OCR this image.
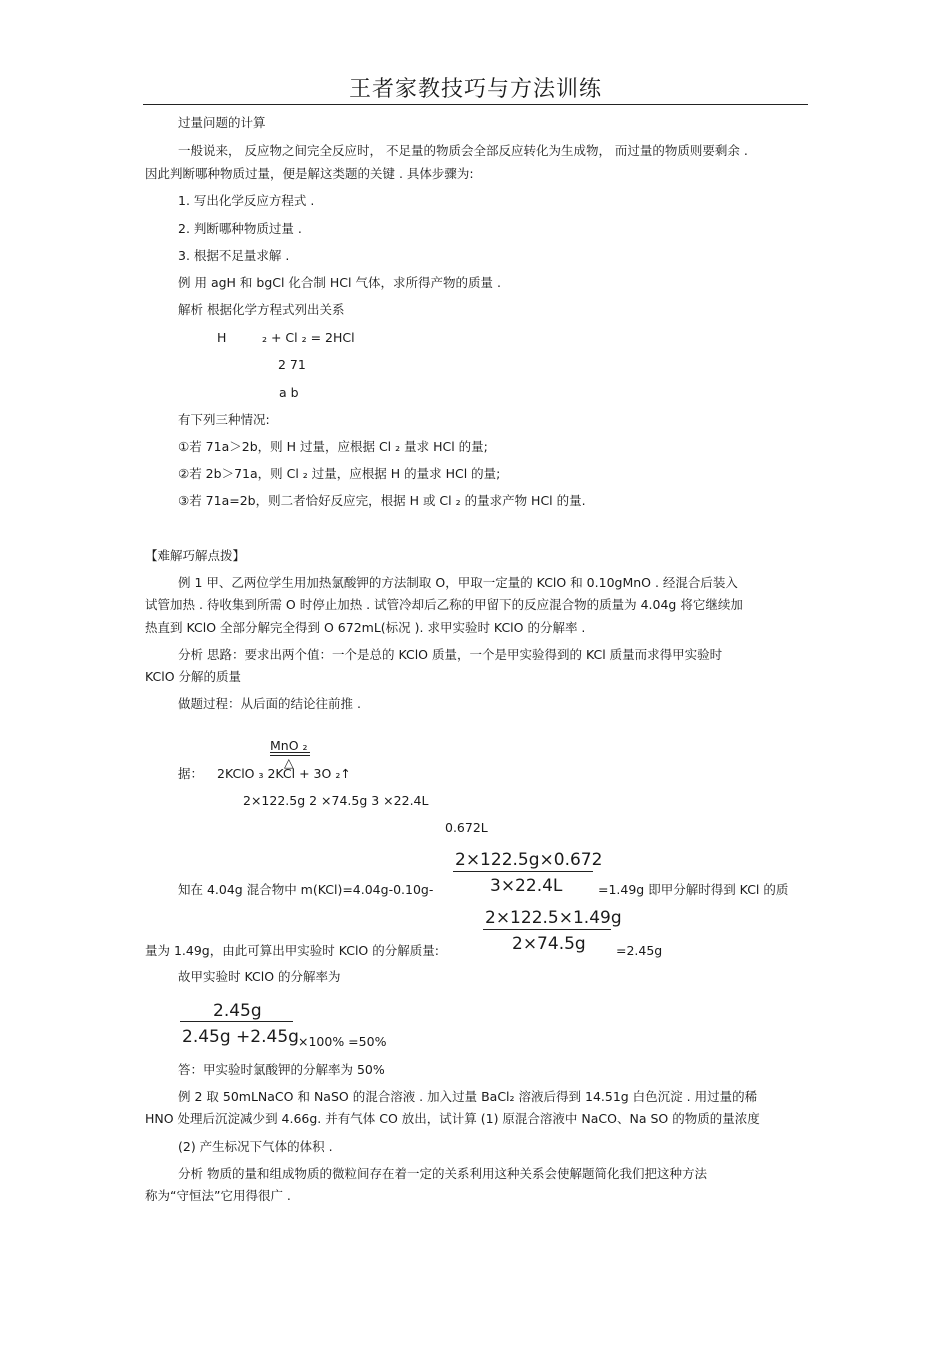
王者家教技巧与方法训练
过量问题的计算
一般说来， 反应物之间完全反应时， 不足量的物质会全部反应转化为生成物， 而过量的物质则要剩余 .
因此判断哪种物质过量，便是解这类题的关键 . 具体步骤为:
1. 写出化学反应方程式 .
2. 判断哪种物质过量 .
3. 根据不足量求解 .
例 用 agH 和 bgCl 化合制 HCl 气体，求所得产物的质量 .
解析 根据化学方程式列出关系
H	₂ + Cl ₂ = 2HCl
2 71
a b
有下列三种情况:
①若 71a＞2b，则 H 过量，应根据 Cl ₂ 量求 HCl 的量;
②若 2b＞71a，则 Cl ₂ 过量，应根据 H 的量求 HCl 的量;
③若 71a=2b，则二者恰好反应完，根据 H 或 Cl ₂ 的量求产物 HCl 的量.
【难解巧解点拨】
例 1 甲、乙两位学生用加热氯酸钾的方法制取 O，甲取一定量的 KClO 和 0.10gMnO . 经混合后装入
试管加热 . 待收集到所需 O 时停止加热 . 试管冷却后乙称的甲留下的反应混合物的质量为 4.04g 将它继续加
热直到 KClO 全部分解完全得到 O 672mL(标况 ). 求甲实验时 KClO 的分解率 .
分析 思路：要求出两个值：一个是总的 KClO 质量，一个是甲实验得到的 KCl 质量而求得甲实验时
KClO 分解的质量
做题过程：从后面的结论往前推 .
MnO ₂
△
据： 2KClO ₃ 2KCl + 3O ₂↑
2×122.5g 2 ×74.5g 3 ×22.4L
0.672L
2×122.5g×0.672
3×22.4L
知在 4.04g 混合物中 m(KCl)=4.04g-0.10g-	=1.49g 即甲分解时得到 KCl 的质
2×122.5×1.49g
2×74.5g
量为 1.49g，由此可算出甲实验时 KClO 的分解质量:	=2.45g
故甲实验时 KClO 的分解率为
2.45g
2.45g +2.45g ×100% =50%
答：甲实验时氯酸钾的分解率为 50%
例 2 取 50mLNaCO 和 NaSO 的混合溶液 . 加入过量 BaCl₂ 溶液后得到 14.51g 白色沉淀 . 用过量的稀
HNO 处理后沉淀减少到 4.66g. 并有气体 CO 放出，试计算 (1) 原混合溶液中 NaCO、Na SO 的物质的量浓度
(2) 产生标况下气体的体积 .
分析 物质的量和组成物质的微粒间存在着一定的关系利用这种关系会使解题简化我们把这种方法
称为“守恒法”它用得很广 .
